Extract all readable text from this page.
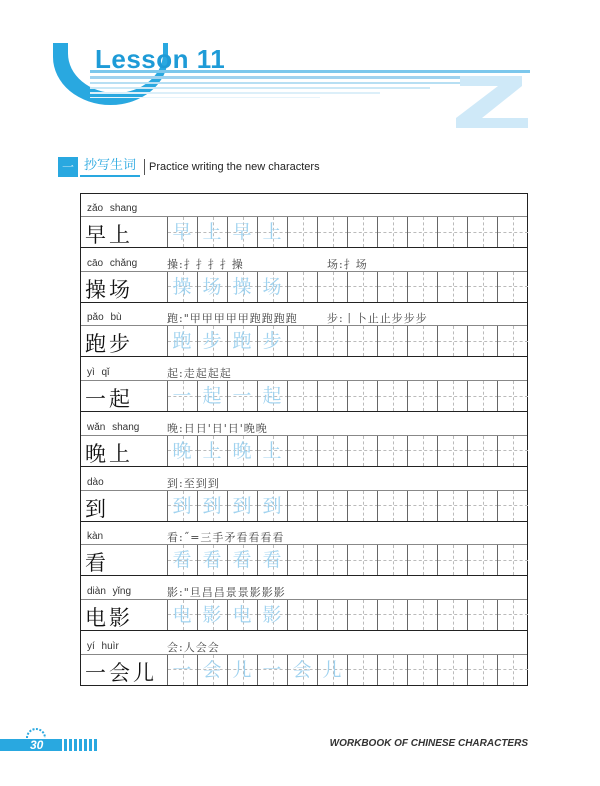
Lesson 11
一 抄写生词	Practice writing the new characters
zǎo shang
早上 早 上 早 上
cāo chǎng	操:扌扌扌扌操	场:扌场
操场 操 场 操 场
pǎo bù	跑:"甲甲甲甲甲跑跑跑跑	步:丨卜止止步步步
跑步 跑 步 跑 步
yì qǐ	起:走起起起
一起 一 起 一 起
wǎn shang	晚:日日'日'日'晚晚
晚上 晚 上 晚 上
dào	到:至到到
到	到 到 到 到
kàn	看:˝=三手矛看看看看
看	看 看 看 看
diàn yǐng	影:"旦昌昌景景影影影
电影 电 影 电 影
yí huìr	会:人会会
一会儿 一 会 儿 一 会 儿
30	WORKBOOK OF CHINESE CHARACTERS
